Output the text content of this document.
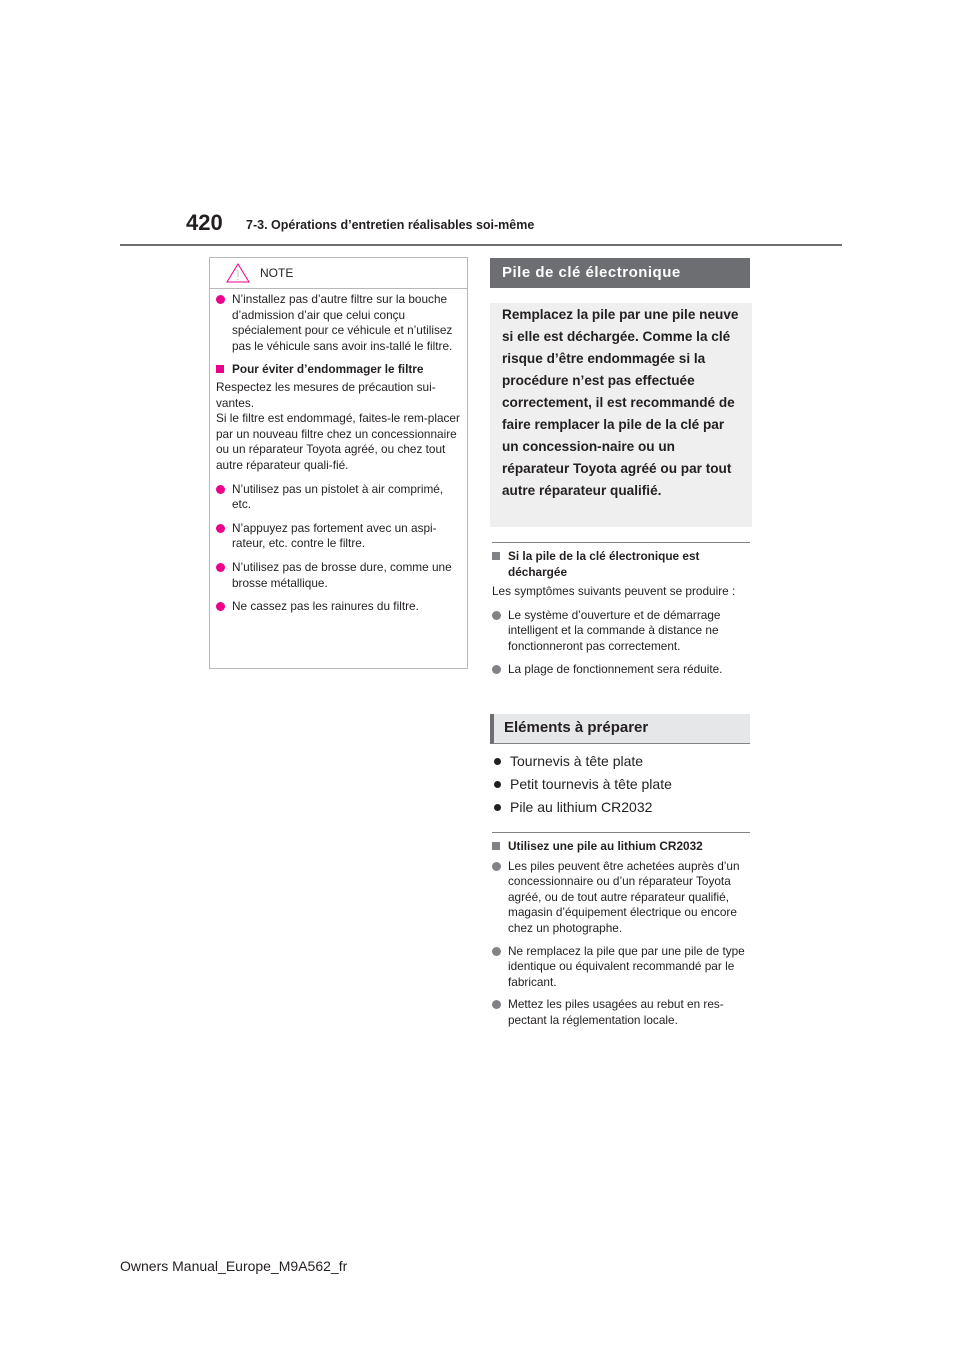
420 7-3. Opérations d’entretien réalisables soi-même
NOTE
N’installez pas d’autre filtre sur la bouche d’admission d’air que celui conçu spécialement pour ce véhicule et n’utilisez pas le véhicule sans avoir ins-tallé le filtre.
Pour éviter d’endommager le filtre
Respectez les mesures de précaution sui-vantes.
Si le filtre est endommagé, faites-le rem-placer par un nouveau filtre chez un concessionnaire ou un réparateur Toyota agréé, ou chez tout autre réparateur quali-fié.
N’utilisez pas un pistolet à air comprimé, etc.
N’appuyez pas fortement avec un aspi-rateur, etc. contre le filtre.
N’utilisez pas de brosse dure, comme une brosse métallique.
Ne cassez pas les rainures du filtre.
Pile de clé électronique

Remplacez la pile par une pile neuve si elle est déchargée. Comme la clé risque d’être endommagée si la procédure n’est pas effectuée correctement, il est recommandé de faire remplacer la pile de la clé par un concession-naire ou un réparateur Toyota agréé ou par tout autre réparateur qualifié.

Si la pile de la clé électronique est déchargée
Les symptômes suivants peuvent se produire :
Le système d’ouverture et de démarrage intelligent et la commande à distance ne fonctionneront pas correctement.
La plage de fonctionnement sera réduite.
Eléments à préparer
Tournevis à tête plate
Petit tournevis à tête plate
Pile au lithium CR2032
Utilisez une pile au lithium CR2032
Les piles peuvent être achetées auprès d’un concessionnaire ou d’un réparateur Toyota agréé, ou de tout autre réparateur qualifié, magasin d’équipement électrique ou encore chez un photographe.
Ne remplacez la pile que par une pile de type identique ou équivalent recommandé par le fabricant.
Mettez les piles usagées au rebut en res-pectant la réglementation locale.
Owners Manual_Europe_M9A562_fr
